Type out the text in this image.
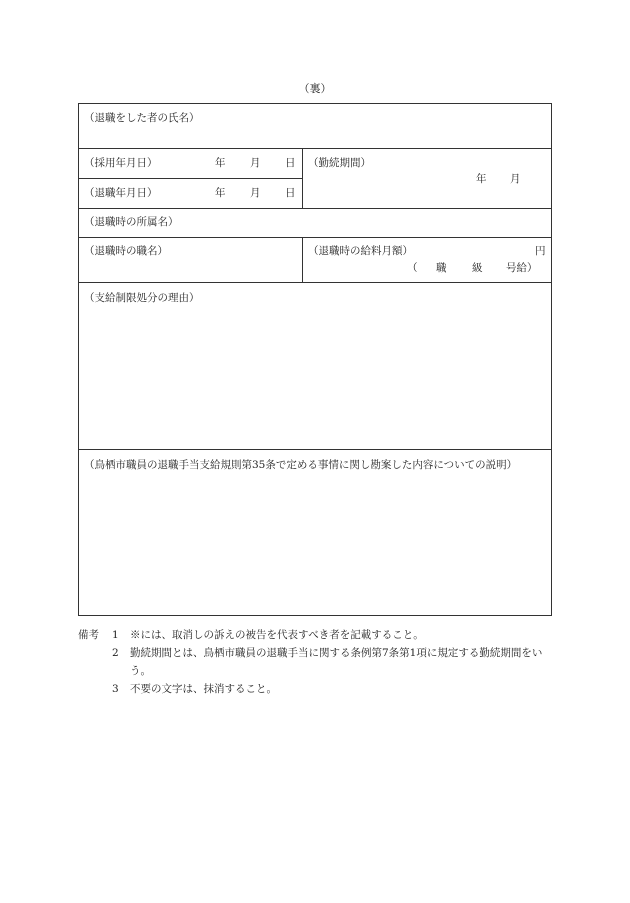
（裏）
（退職をした者の氏名）
（採用年月日）	年 月 日
（退職年月日）	年 月 日
（勤続期間）
年 月
（退職時の所属名）
（退職時の職名）	（退職時の給料月額）	円
（ 職 級 号給）
（支給制限処分の理由）
（鳥栖市職員の退職手当支給規則第35条で定める事情に関し勘案した内容についての説明）
備考 1 ※には、取消しの訴えの被告を代表すべき者を記載すること。
2 勤続期間とは、鳥栖市職員の退職手当に関する条例第7条第1項に規定する勤続期間をいう。
3 不要の文字は、抹消すること。
